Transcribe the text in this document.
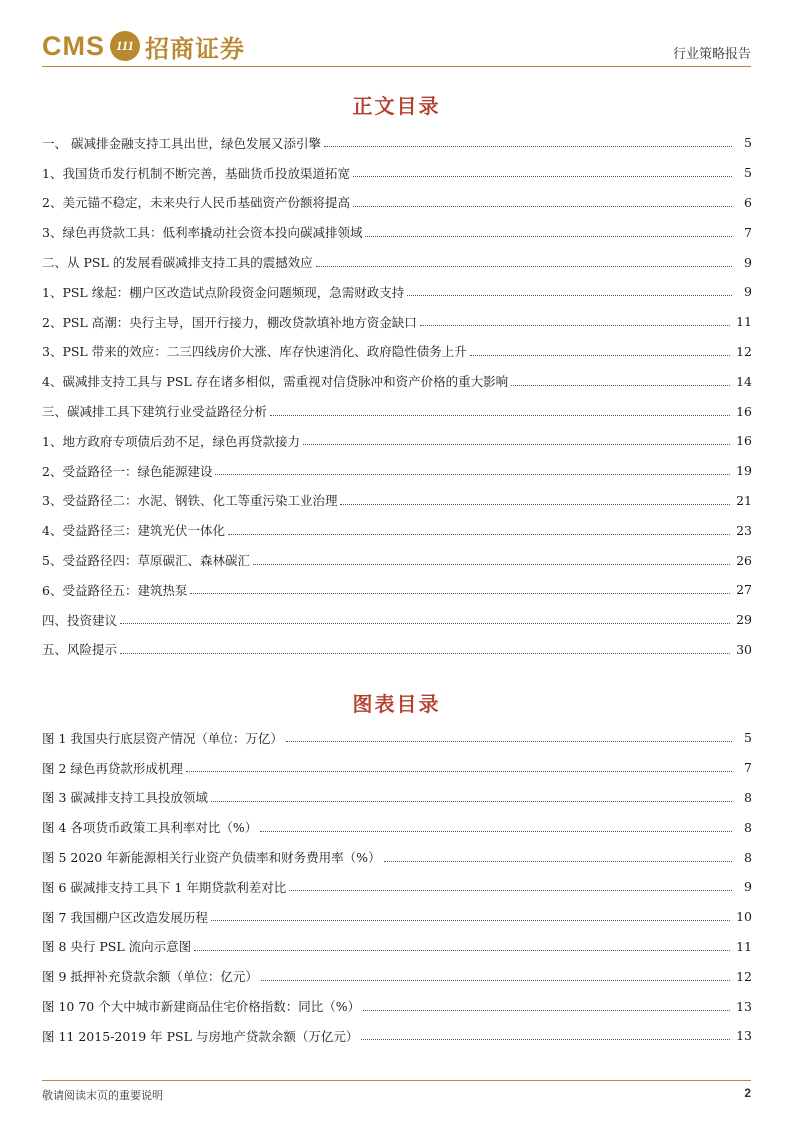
CMS 111 招商证券	行业策略报告
正文目录
一、 碳减排金融支持工具出世，绿色发展又添引擎	5
1、我国货币发行机制不断完善，基础货币投放渠道拓宽	5
2、美元锚不稳定，未来央行人民币基础资产份额将提高	6
3、绿色再贷款工具：低利率撬动社会资本投向碳减排领域	7
二、从 PSL 的发展看碳减排支持工具的震撼效应	9
1、PSL 缘起：棚户区改造试点阶段资金问题频现，急需财政支持	9
2、PSL 高潮：央行主导，国开行接力，棚改贷款填补地方资金缺口	11
3、PSL 带来的效应：二三四线房价大涨、库存快速消化、政府隐性债务上升	12
4、碳减排支持工具与 PSL 存在诸多相似，需重视对信贷脉冲和资产价格的重大影响	14
三、碳减排工具下建筑行业受益路径分析	16
1、地方政府专项债后劲不足，绿色再贷款接力	16
2、受益路径一：绿色能源建设	19
3、受益路径二：水泥、钢铁、化工等重污染工业治理	21
4、受益路径三：建筑光伏一体化	23
5、受益路径四：草原碳汇、森林碳汇	26
6、受益路径五：建筑热泵	27
四、投资建议	29
五、风险提示	30
图表目录
图 1 我国央行底层资产情况（单位：万亿）	5
图 2 绿色再贷款形成机理	7
图 3 碳减排支持工具投放领域	8
图 4 各项货币政策工具利率对比（%）	8
图 5 2020 年新能源相关行业资产负债率和财务费用率（%）	8
图 6 碳减排支持工具下 1 年期贷款利差对比	9
图 7 我国棚户区改造发展历程	10
图 8 央行 PSL 流向示意图	11
图 9 抵押补充贷款余额（单位：亿元）	12
图 10 70 个大中城市新建商品住宅价格指数：同比（%）	13
图 11 2015-2019 年 PSL 与房地产贷款余额（万亿元）	13
敬请阅读末页的重要说明	2
